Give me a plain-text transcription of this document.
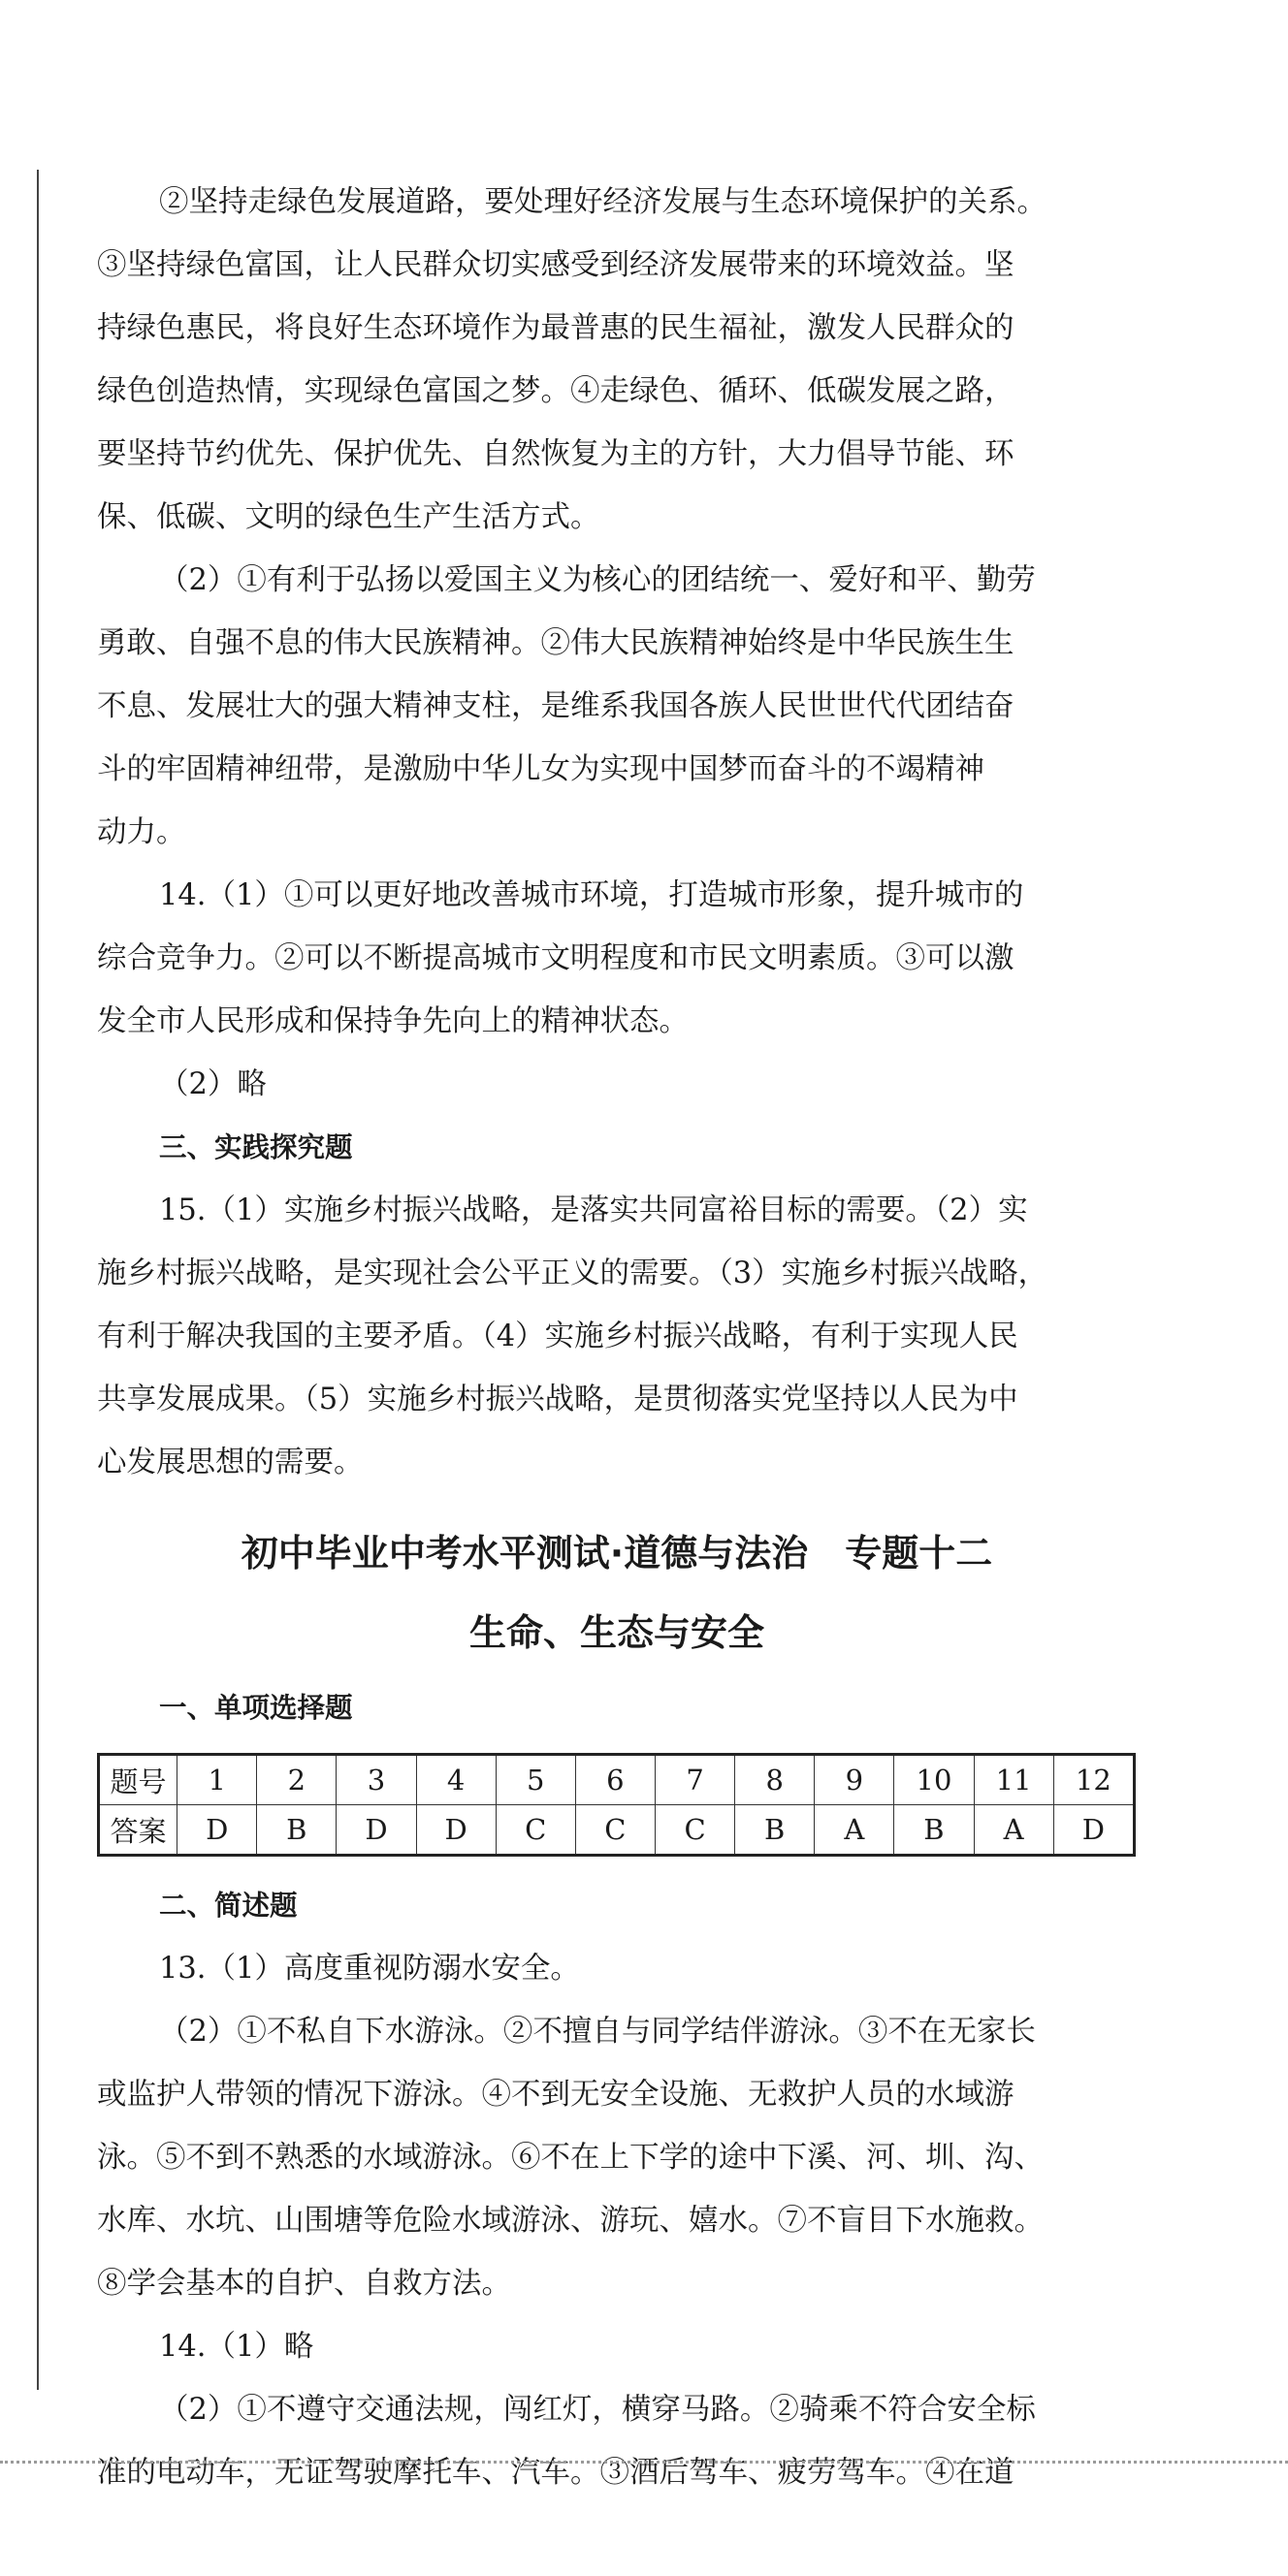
②坚持走绿色发展道路，要处理好经济发展与生态环境保护的关系。

③坚持绿色富国，让人民群众切实感受到经济发展带来的环境效益。坚

持绿色惠民，将良好生态环境作为最普惠的民生福祉，激发人民群众的

绿色创造热情，实现绿色富国之梦。④走绿色、循环、低碳发展之路，

要坚持节约优先、保护优先、自然恢复为主的方针，大力倡导节能、环

保、低碳、文明的绿色生产生活方式。

（2）①有利于弘扬以爱国主义为核心的团结统一、爱好和平、勤劳

勇敢、自强不息的伟大民族精神。②伟大民族精神始终是中华民族生生

不息、发展壮大的强大精神支柱，是维系我国各族人民世世代代团结奋

斗的牢固精神纽带，是激励中华儿女为实现中国梦而奋斗的不竭精神

动力。

14.（1）①可以更好地改善城市环境，打造城市形象，提升城市的

综合竞争力。②可以不断提高城市文明程度和市民文明素质。③可以激

发全市人民形成和保持争先向上的精神状态。

（2）略

三、实践探究题

15.（1）实施乡村振兴战略，是落实共同富裕目标的需要。（2）实

施乡村振兴战略，是实现社会公平正义的需要。（3）实施乡村振兴战略，

有利于解决我国的主要矛盾。（4）实施乡村振兴战略，有利于实现人民

共享发展成果。（5）实施乡村振兴战略，是贯彻落实党坚持以人民为中

心发展思想的需要。

初中毕业中考水平测试·道德与法治　专题十二

生命、生态与安全

一、单项选择题

题号	1	2	3	4	5	6	7	8	9	10	11	12
答案	D	B	D	D	C	C	C	B	A	B	A	D

二、简述题

13.（1）高度重视防溺水安全。

（2）①不私自下水游泳。②不擅自与同学结伴游泳。③不在无家长

或监护人带领的情况下游泳。④不到无安全设施、无救护人员的水域游

泳。⑤不到不熟悉的水域游泳。⑥不在上下学的途中下溪、河、圳、沟、

水库、水坑、山围塘等危险水域游泳、游玩、嬉水。⑦不盲目下水施救。

⑧学会基本的自护、自救方法。

14.（1）略

（2）①不遵守交通法规，闯红灯，横穿马路。②骑乘不符合安全标

准的电动车，无证驾驶摩托车、汽车。③酒后驾车、疲劳驾车。④在道
